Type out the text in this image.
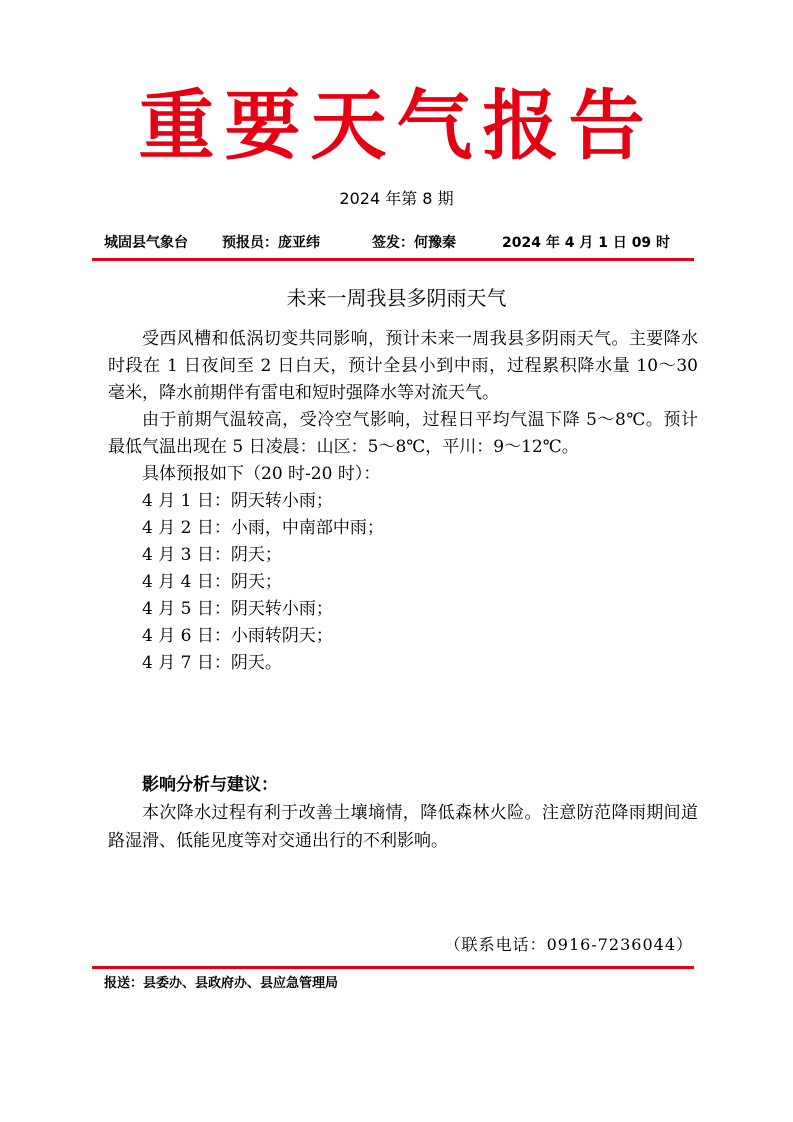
重要天气报告
2024 年第 8 期
城固县气象台 预报员：庞亚纬	签发：何豫秦	2024 年 4 月 1 日 09 时
未来一周我县多阴雨天气

受西风槽和低涡切变共同影响，预计未来一周我县多阴雨天气。主要降水时段在 1 日夜间至 2 日白天，预计全县小到中雨，过程累积降水量 10～30 毫米，降水前期伴有雷电和短时强降水等对流天气。

由于前期气温较高，受冷空气影响，过程日平均气温下降 5～8℃。预计最低气温出现在 5 日凌晨：山区：5～8℃，平川：9～12℃。

具体预报如下（20 时-20 时）：

4 月 1 日：阴天转小雨；
4 月 2 日：小雨，中南部中雨；
4 月 3 日：阴天；
4 月 4 日：阴天；
4 月 5 日：阴天转小雨；
4 月 6 日：小雨转阴天；
4 月 7 日：阴天。
影响分析与建议：

本次降水过程有利于改善土壤墒情，降低森林火险。注意防范降雨期间道路湿滑、低能见度等对交通出行的不利影响。

（联系电话：0916-7236044）
报送：县委办、县政府办、县应急管理局
